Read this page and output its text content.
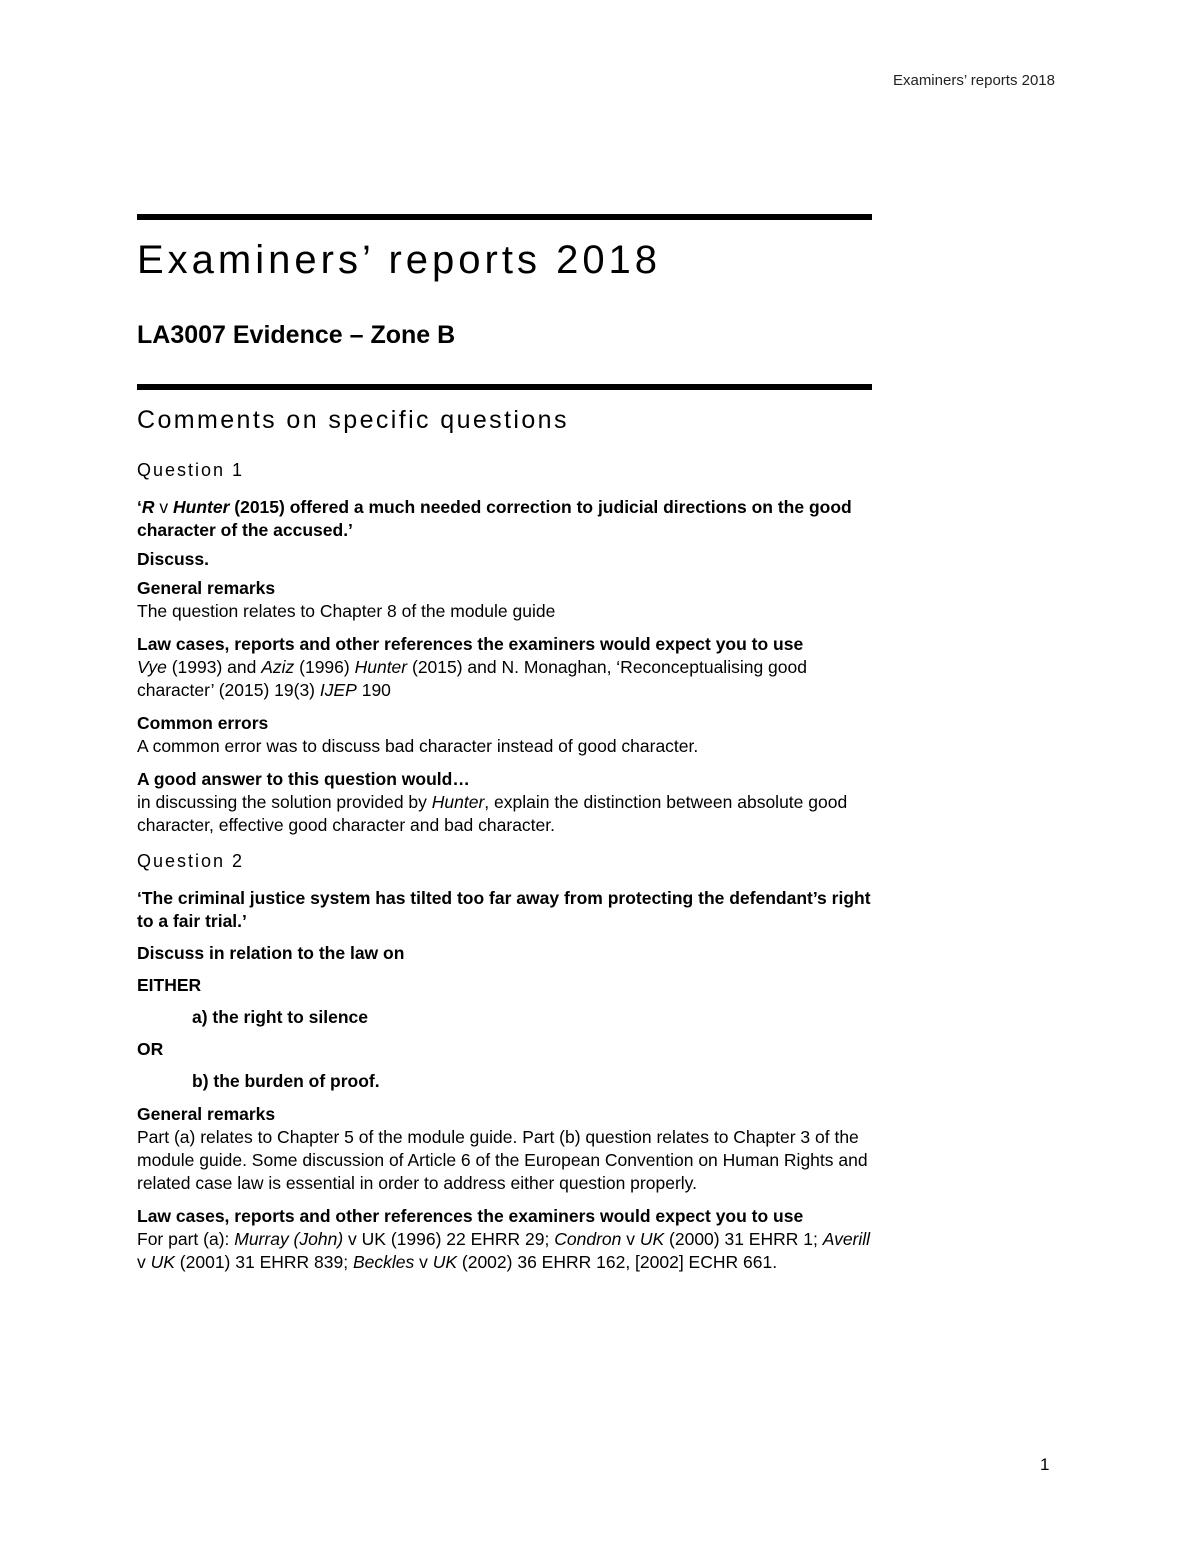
Examiners’ reports 2018
Examiners’ reports 2018
LA3007 Evidence – Zone B
Comments on specific questions
Question 1

‘R v Hunter (2015) offered a much needed correction to judicial directions on the good character of the accused.’

Discuss.

General remarks

The question relates to Chapter 8 of the module guide

Law cases, reports and other references the examiners would expect you to use

Vye (1993) and Aziz (1996) Hunter (2015) and N. Monaghan, ‘Reconceptualising good character’ (2015) 19(3) IJEP 190

Common errors

A common error was to discuss bad character instead of good character.

A good answer to this question would…

in discussing the solution provided by Hunter, explain the distinction between absolute good character, effective good character and bad character.

Question 2

‘The criminal justice system has tilted too far away from protecting the defendant’s right to a fair trial.’

Discuss in relation to the law on

EITHER

a) the right to silence

OR

b) the burden of proof.

General remarks

Part (a) relates to Chapter 5 of the module guide. Part (b) question relates to Chapter 3 of the module guide. Some discussion of Article 6 of the European Convention on Human Rights and related case law is essential in order to address either question properly.

Law cases, reports and other references the examiners would expect you to use

For part (a): Murray (John) v UK (1996) 22 EHRR 29; Condron v UK (2000) 31 EHRR 1; Averill v UK (2001) 31 EHRR 839; Beckles v UK (2002) 36 EHRR 162, [2002] ECHR 661.

1
